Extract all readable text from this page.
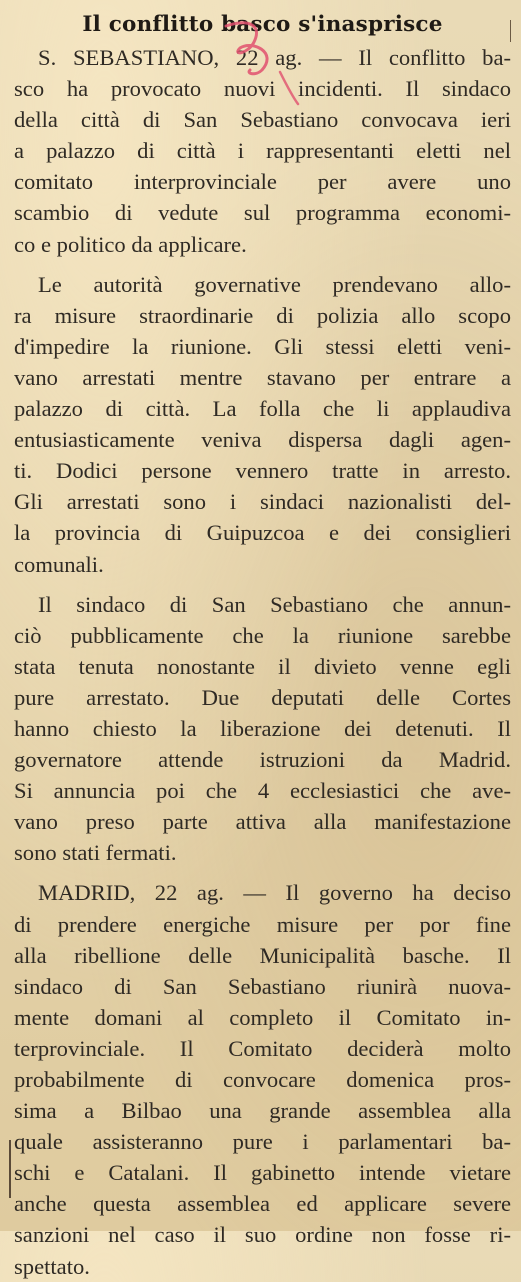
Il conflitto basco s'inasprisce

S. SEBASTIANO, 22 ag. — Il conflitto ba-
sco ha provocato nuovi incidenti. Il sindaco
della città di San Sebastiano convocava ieri
a palazzo di città i rappresentanti eletti nel
comitato interprovinciale per avere uno
scambio di vedute sul programma economi-
co e politico da applicare.

Le autorità governative prendevano allo-
ra misure straordinarie di polizia allo scopo
d'impedire la riunione. Gli stessi eletti veni-
vano arrestati mentre stavano per entrare a
palazzo di città. La folla che li applaudiva
entusiasticamente veniva dispersa dagli agen-
ti. Dodici persone vennero tratte in arresto.
Gli arrestati sono i sindaci nazionalisti del-
la provincia di Guipuzcoa e dei consiglieri
comunali.

Il sindaco di San Sebastiano che annun-
ciò pubblicamente che la riunione sarebbe
stata tenuta nonostante il divieto venne egli
pure arrestato. Due deputati delle Cortes
hanno chiesto la liberazione dei detenuti. Il
governatore attende istruzioni da Madrid.
Si annuncia poi che 4 ecclesiastici che ave-
vano preso parte attiva alla manifestazione
sono stati fermati.

MADRID, 22 ag. — Il governo ha deciso
di prendere energiche misure per por fine
alla ribellione delle Municipalità basche. Il
sindaco di San Sebastiano riunirà nuova-
mente domani al completo il Comitato in-
terprovinciale. Il Comitato deciderà molto
probabilmente di convocare domenica pros-
sima a Bilbao una grande assemblea alla
quale assisteranno pure i parlamentari ba-
schi e Catalani. Il gabinetto intende vietare
anche questa assemblea ed applicare severe
sanzioni nel caso il suo ordine non fosse ri-
spettato.
